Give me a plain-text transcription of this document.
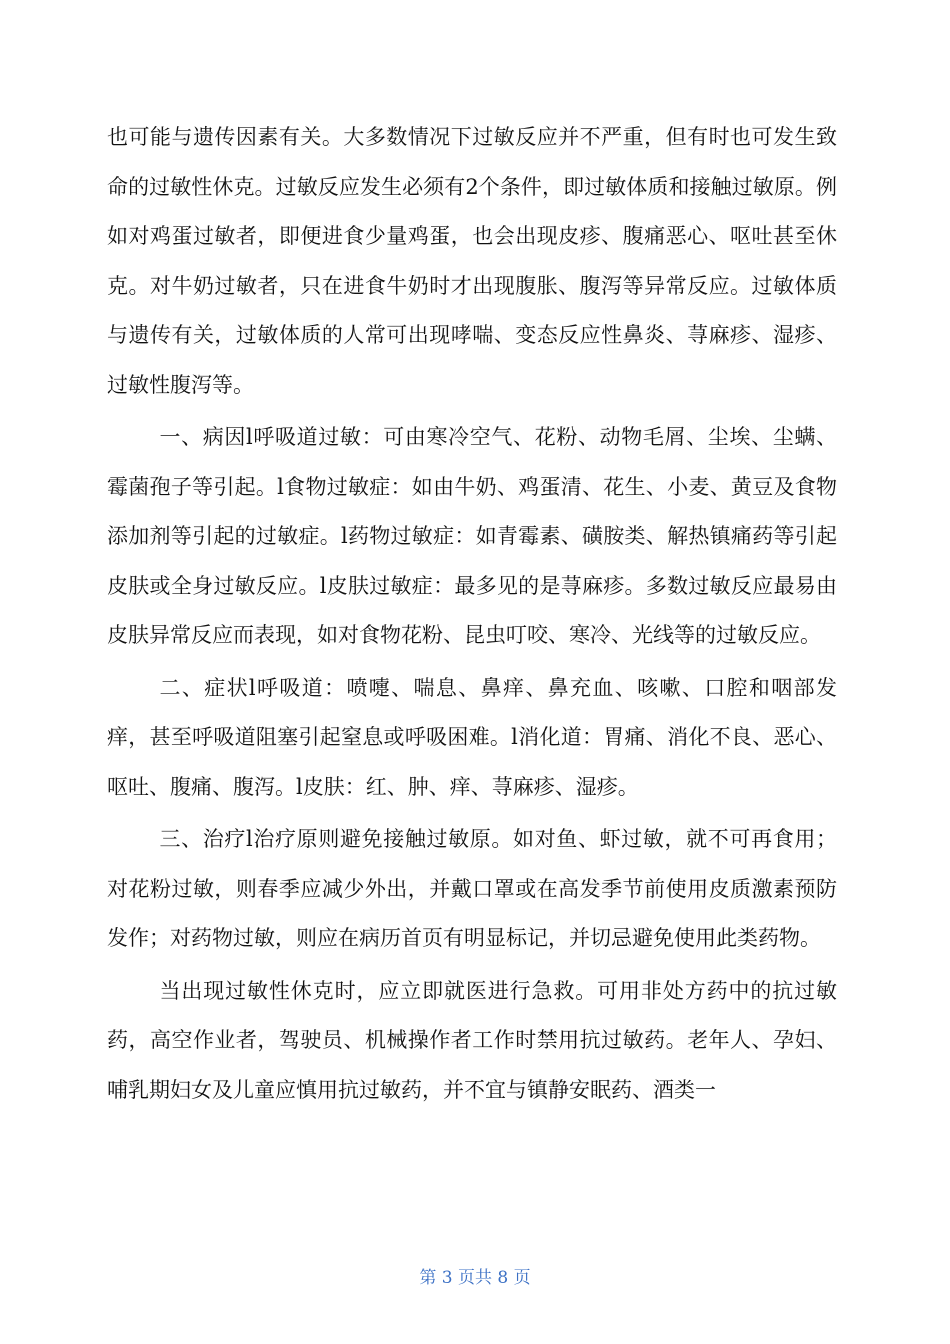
也可能与遗传因素有关。大多数情况下过敏反应并不严重，但有时也可发生致命的过敏性休克。过敏反应发生必须有2个条件，即过敏体质和接触过敏原。例如对鸡蛋过敏者，即便进食少量鸡蛋，也会出现皮疹、腹痛恶心、呕吐甚至休克。对牛奶过敏者，只在进食牛奶时才出现腹胀、腹泻等异常反应。过敏体质与遗传有关，过敏体质的人常可出现哮喘、变态反应性鼻炎、荨麻疹、湿疹、过敏性腹泻等。

一、病因l呼吸道过敏：可由寒冷空气、花粉、动物毛屑、尘埃、尘螨、霉菌孢子等引起。l食物过敏症：如由牛奶、鸡蛋清、花生、小麦、黄豆及食物添加剂等引起的过敏症。l药物过敏症：如青霉素、磺胺类、解热镇痛药等引起皮肤或全身过敏反应。l皮肤过敏症：最多见的是荨麻疹。多数过敏反应最易由皮肤异常反应而表现，如对食物花粉、昆虫叮咬、寒冷、光线等的过敏反应。

二、症状l呼吸道：喷嚏、喘息、鼻痒、鼻充血、咳嗽、口腔和咽部发痒，甚至呼吸道阻塞引起窒息或呼吸困难。l消化道：胃痛、消化不良、恶心、呕吐、腹痛、腹泻。l皮肤：红、肿、痒、荨麻疹、湿疹。

三、治疗l治疗原则避免接触过敏原。如对鱼、虾过敏，就不可再食用；对花粉过敏，则春季应减少外出，并戴口罩或在高发季节前使用皮质激素预防发作；对药物过敏，则应在病历首页有明显标记，并切忌避免使用此类药物。

当出现过敏性休克时，应立即就医进行急救。可用非处方药中的抗过敏药，高空作业者，驾驶员、机械操作者工作时禁用抗过敏药。老年人、孕妇、哺乳期妇女及儿童应慎用抗过敏药，并不宜与镇静安眠药、酒类一

第 3 页共 8 页
